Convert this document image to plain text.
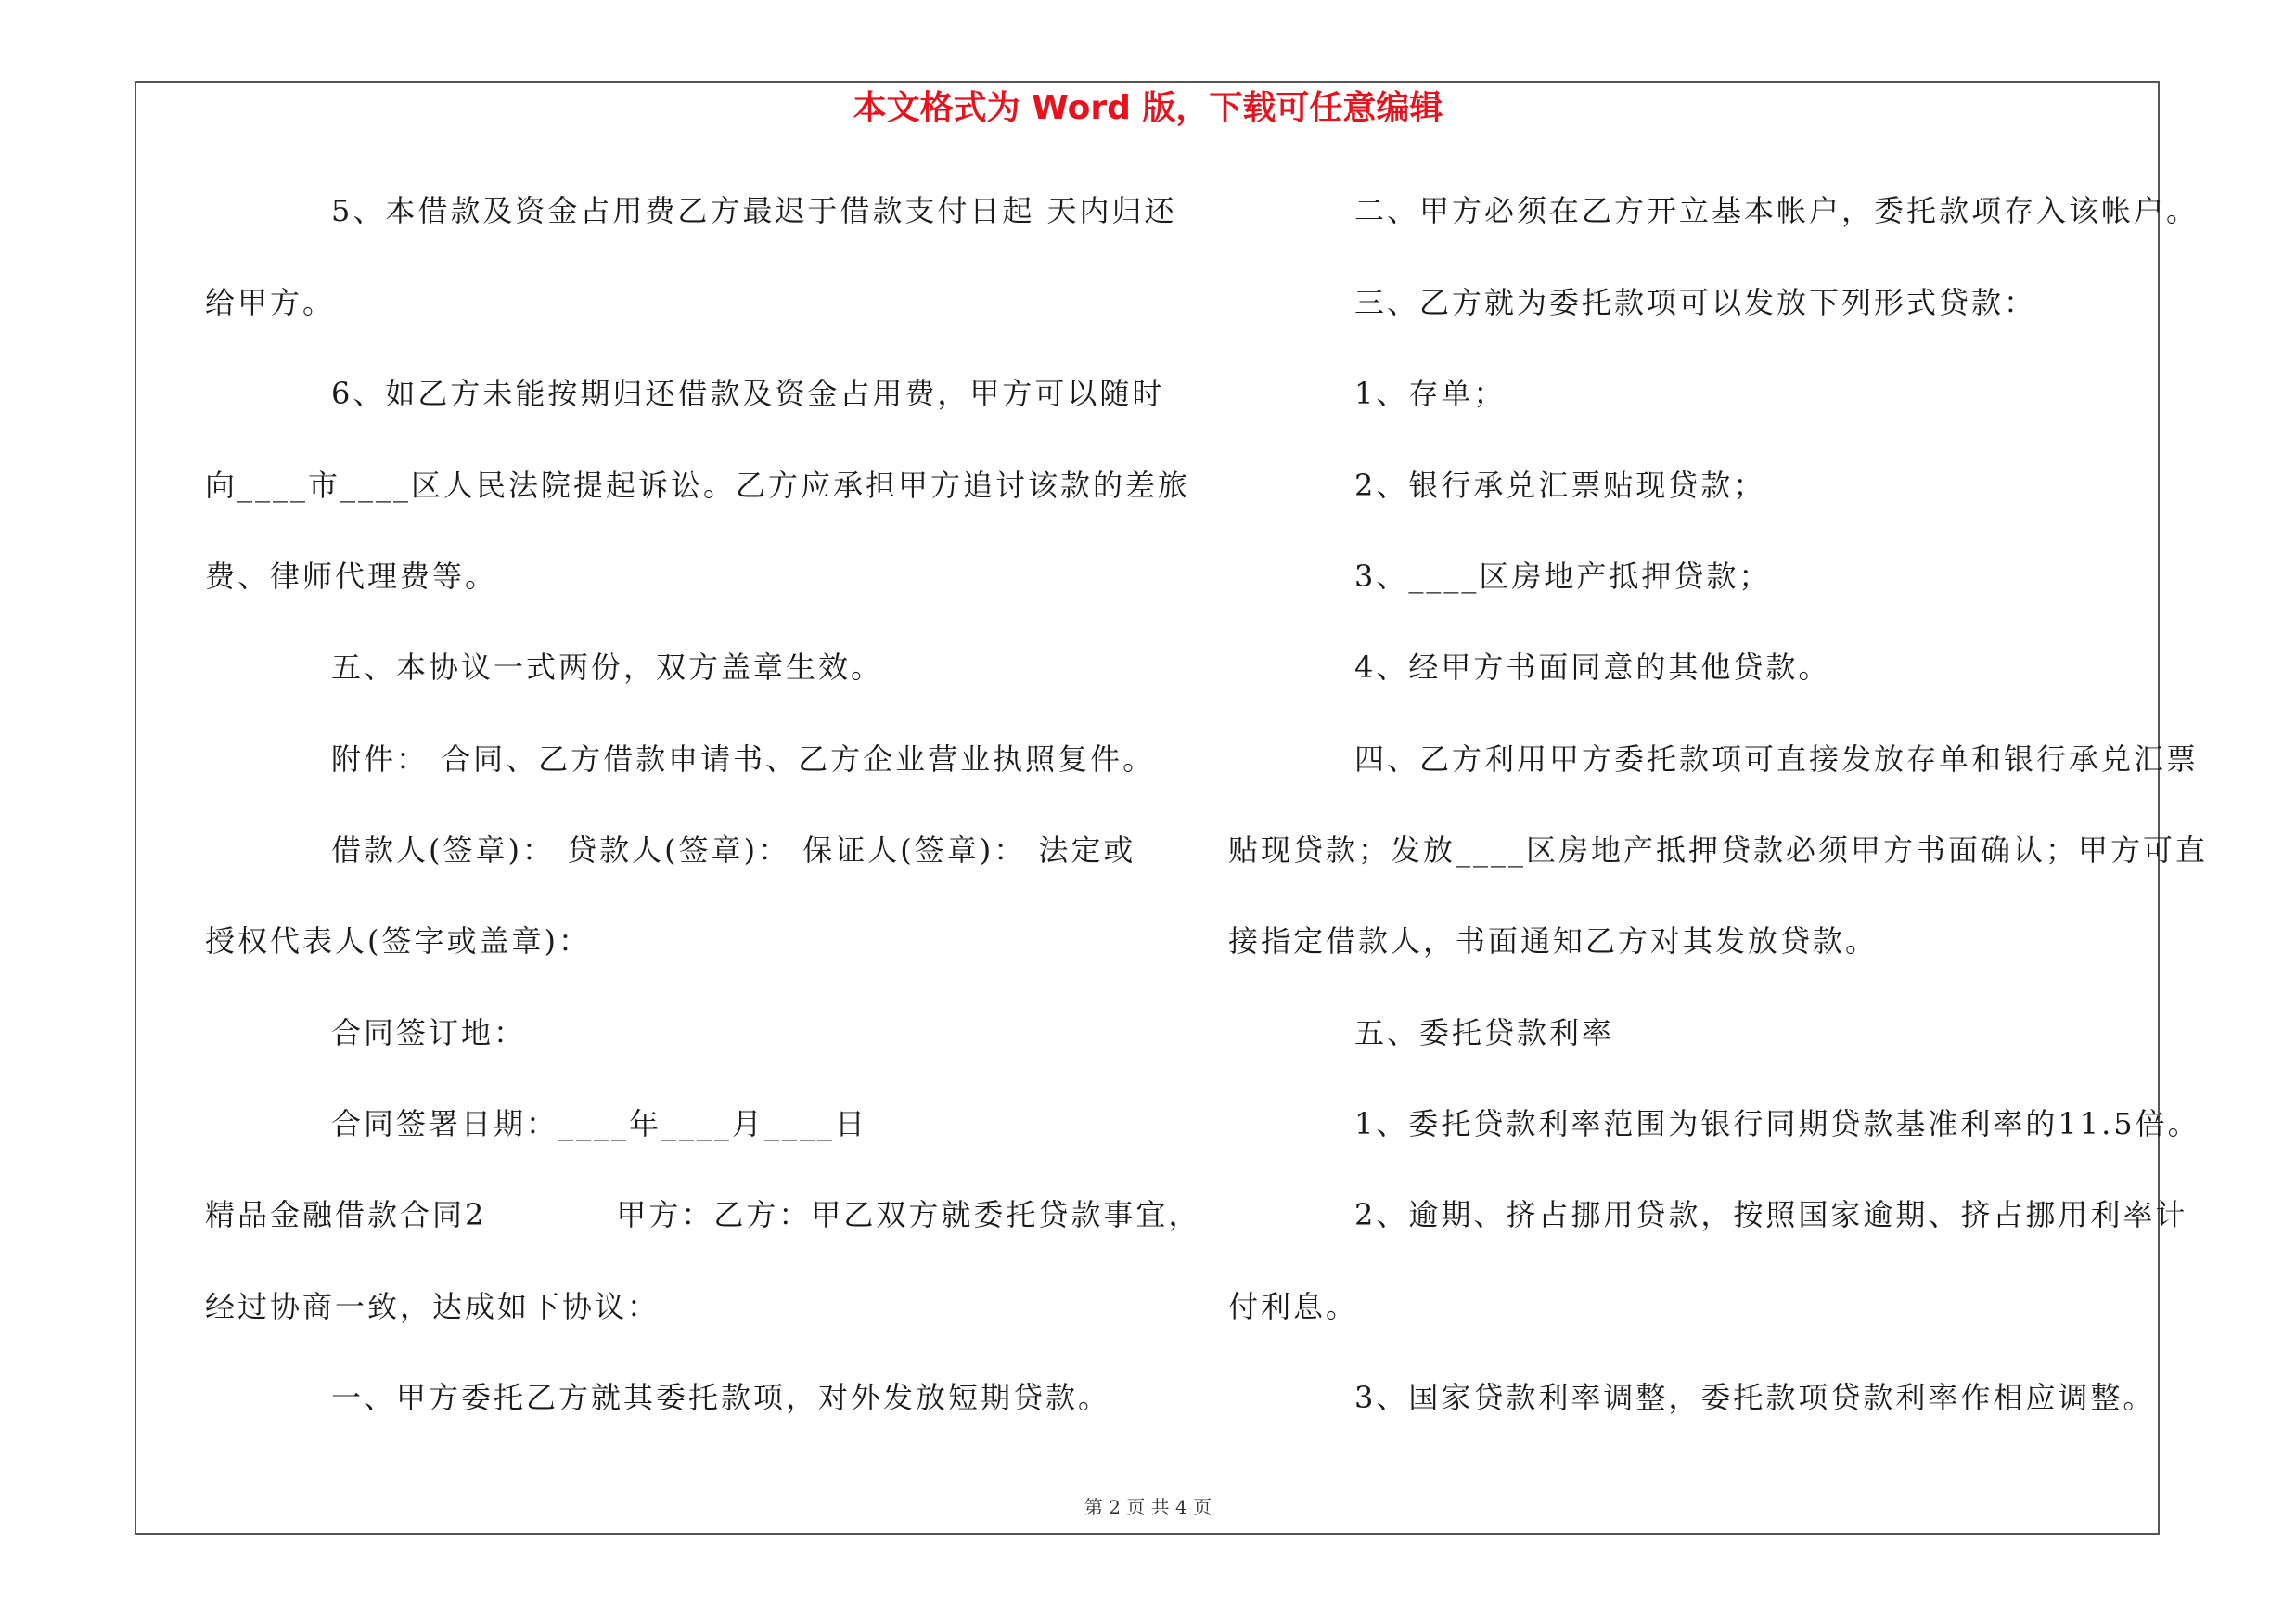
本文格式为 Word 版，下载可任意编辑
5、本借款及资金占用费乙方最迟于借款支付日起 天内归还
给甲方。
6、如乙方未能按期归还借款及资金占用费，甲方可以随时
向____市____区人民法院提起诉讼。乙方应承担甲方追讨该款的差旅
费、律师代理费等。
五、本协议一式两份，双方盖章生效。
附件： 合同、乙方借款申请书、乙方企业营业执照复件。
借款人(签章)： 贷款人(签章)： 保证人(签章)： 法定或
授权代表人(签字或盖章)：
合同签订地：
合同签署日期：____年____月____日
精品金融借款合同2　　　　甲方：乙方：甲乙双方就委托贷款事宜，
经过协商一致，达成如下协议：
一、甲方委托乙方就其委托款项，对外发放短期贷款。
二、甲方必须在乙方开立基本帐户，委托款项存入该帐户。
三、乙方就为委托款项可以发放下列形式贷款：
1、存单；
2、银行承兑汇票贴现贷款；
3、____区房地产抵押贷款；
4、经甲方书面同意的其他贷款。
四、乙方利用甲方委托款项可直接发放存单和银行承兑汇票
贴现贷款；发放____区房地产抵押贷款必须甲方书面确认；甲方可直
接指定借款人，书面通知乙方对其发放贷款。
五、委托贷款利率
1、委托贷款利率范围为银行同期贷款基准利率的11.5倍。
2、逾期、挤占挪用贷款，按照国家逾期、挤占挪用利率计
付利息。
3、国家贷款利率调整，委托款项贷款利率作相应调整。
第 2 页 共 4 页
